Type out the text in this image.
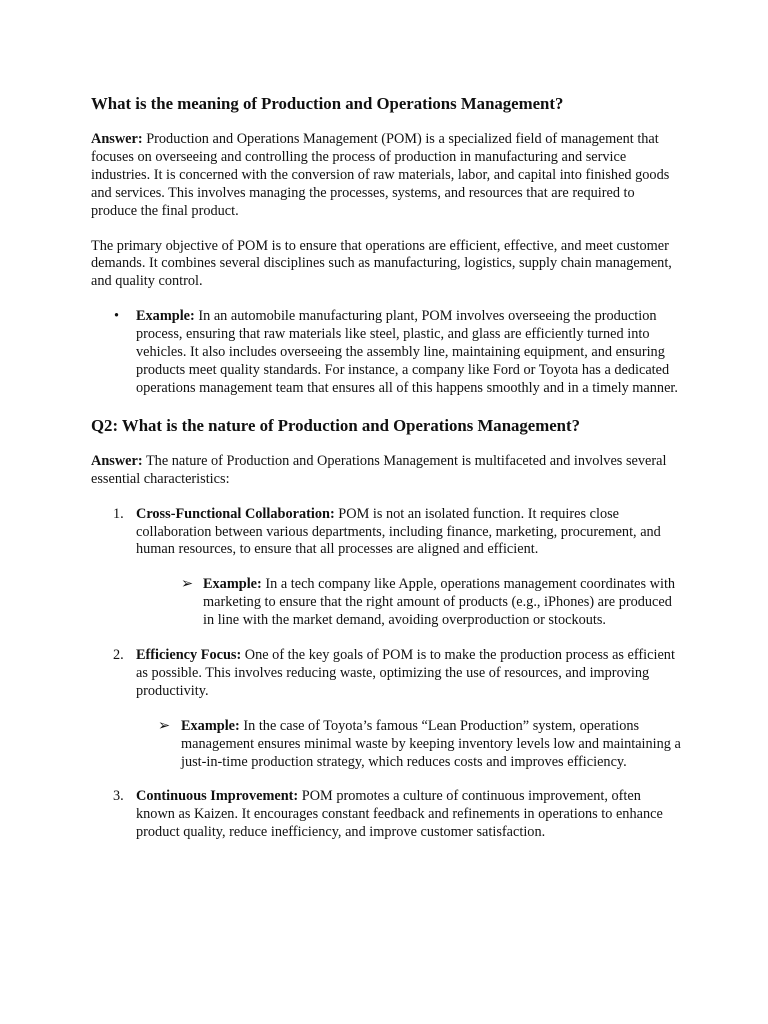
What is the meaning of Production and Operations Management?

Answer: Production and Operations Management (POM) is a specialized field of management that focuses on overseeing and controlling the process of production in manufacturing and service industries. It is concerned with the conversion of raw materials, labor, and capital into finished goods and services. This involves managing the processes, systems, and resources that are required to produce the final product.

The primary objective of POM is to ensure that operations are efficient, effective, and meet customer demands. It combines several disciplines such as manufacturing, logistics, supply chain management, and quality control.

• Example: In an automobile manufacturing plant, POM involves overseeing the production process, ensuring that raw materials like steel, plastic, and glass are efficiently turned into vehicles. It also includes overseeing the assembly line, maintaining equipment, and ensuring products meet quality standards. For instance, a company like Ford or Toyota has a dedicated operations management team that ensures all of this happens smoothly and in a timely manner.
Q2: What is the nature of Production and Operations Management?

Answer: The nature of Production and Operations Management is multifaceted and involves several essential characteristics:

1. Cross-Functional Collaboration: POM is not an isolated function. It requires close collaboration between various departments, including finance, marketing, procurement, and human resources, to ensure that all processes are aligned and efficient.
➢ Example: In a tech company like Apple, operations management coordinates with marketing to ensure that the right amount of products (e.g., iPhones) are produced in line with the market demand, avoiding overproduction or stockouts.
2. Efficiency Focus: One of the key goals of POM is to make the production process as efficient as possible. This involves reducing waste, optimizing the use of resources, and improving productivity.
➢ Example: In the case of Toyota’s famous “Lean Production” system, operations management ensures minimal waste by keeping inventory levels low and maintaining a just-in-time production strategy, which reduces costs and improves efficiency.
3. Continuous Improvement: POM promotes a culture of continuous improvement, often known as Kaizen. It encourages constant feedback and refinements in operations to enhance product quality, reduce inefficiency, and improve customer satisfaction.
